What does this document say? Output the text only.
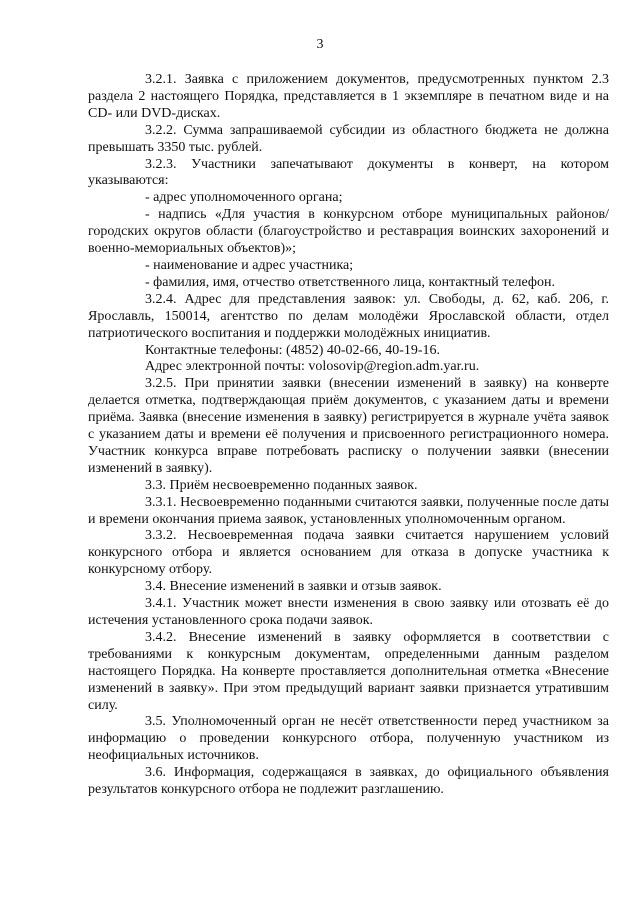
3

3.2.1. Заявка с приложением документов, предусмотренных пунктом 2.3 раздела 2 настоящего Порядка, представляется в 1 экземпляре в печатном виде и на CD- или DVD-дисках.

3.2.2. Сумма запрашиваемой субсидии из областного бюджета не должна превышать 3350 тыс. рублей.

3.2.3. Участники запечатывают документы в конверт, на котором указываются:

- адрес уполномоченного органа;

- надпись «Для участия в конкурсном отборе муниципальных районов/городских округов области (благоустройство и реставрация воинских захоронений и военно-мемориальных объектов)»;

- наименование и адрес участника;

- фамилия, имя, отчество ответственного лица, контактный телефон.

3.2.4. Адрес для представления заявок: ул. Свободы, д. 62, каб. 206, г. Ярославль, 150014, агентство по делам молодёжи Ярославской области, отдел патриотического воспитания и поддержки молодёжных инициатив.

Контактные телефоны: (4852) 40-02-66, 40-19-16.

Адрес электронной почты: volosovip@region.adm.yar.ru.

3.2.5. При принятии заявки (внесении изменений в заявку) на конверте делается отметка, подтверждающая приём документов, с указанием даты и времени приёма. Заявка (внесение изменения в заявку) регистрируется в журнале учёта заявок с указанием даты и времени её получения и присвоенного регистрационного номера. Участник конкурса вправе потребовать расписку о получении заявки (внесении изменений в заявку).

3.3. Приём несвоевременно поданных заявок.

3.3.1. Несвоевременно поданными считаются заявки, полученные после даты и времени окончания приема заявок, установленных уполномоченным органом.

3.3.2. Несвоевременная подача заявки считается нарушением условий конкурсного отбора и является основанием для отказа в допуске участника к конкурсному отбору.

3.4. Внесение изменений в заявки и отзыв заявок.

3.4.1. Участник может внести изменения в свою заявку или отозвать её до истечения установленного срока подачи заявок.

3.4.2. Внесение изменений в заявку оформляется в соответствии с требованиями к конкурсным документам, определенными данным разделом настоящего Порядка. На конверте проставляется дополнительная отметка «Внесение изменений в заявку». При этом предыдущий вариант заявки признается утратившим силу.

3.5. Уполномоченный орган не несёт ответственности перед участником за информацию о проведении конкурсного отбора, полученную участником из неофициальных источников.

3.6. Информация, содержащаяся в заявках, до официального объявления результатов конкурсного отбора не подлежит разглашению.
